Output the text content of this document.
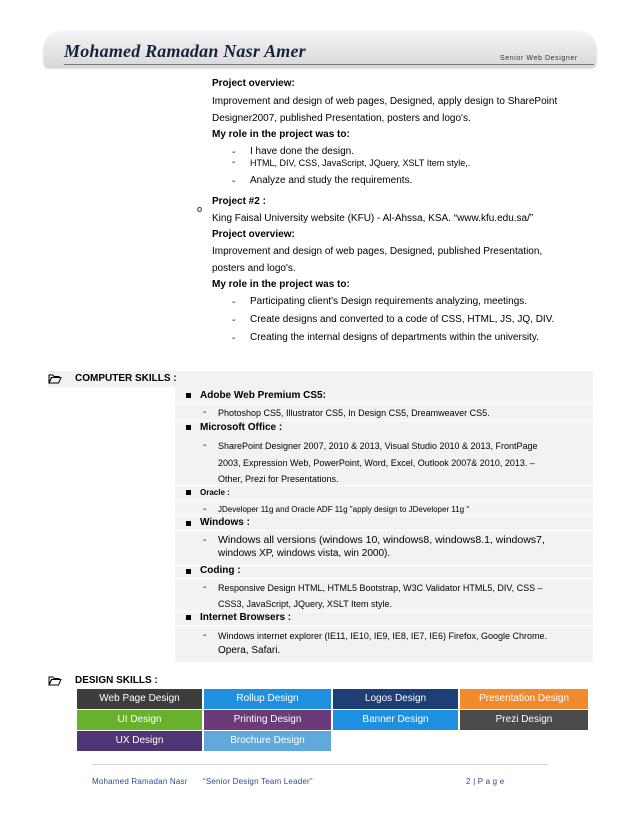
Mohamed Ramadan Nasr Amer	Senior Web Designer
Project overview:
Improvement and design of web pages, Designed, apply design to SharePoint
Designer2007, published Presentation, posters and logo's.
My role in the project was to:
- I have done the design.
- HTML, DIV, CSS, JavaScript, JQuery, XSLT Item style,.
- Analyze and study the requirements.
o
Project #2 :
King Faisal University website (KFU) - Al-Ahssa, KSA. “www.kfu.edu.sa/”
Project overview:
Improvement and design of web pages, Designed, published Presentation,
posters and logo's.
My role in the project was to:
- Participating client's Design requirements analyzing, meetings.
- Create designs and converted to a code of CSS, HTML, JS, JQ, DIV.
- Creating the internal designs of departments within the university.
COMPUTER SKILLS :
Adobe Web Premium CS5:
- Photoshop CS5, Illustrator CS5, In Design CS5, Dreamweaver CS5.
Microsoft Office :
- SharePoint Designer 2007, 2010 & 2013, Visual Studio 2010 & 2013, FrontPage
2003, Expression Web, PowerPoint, Word, Excel, Outlook 2007& 2010, 2013. –
Other, Prezi for Presentations.
Oracle :
- JDeveloper 11g and Oracle ADF 11g "apply design to JDeveloper 11g "
Windows :
- Windows all versions (windows 10, windows8, windows8.1, windows7,
windows XP, windows vista, win 2000).
Coding :
- Responsive Design HTML, HTML5 Bootstrap, W3C Validator HTML5, DIV, CSS –
CSS3, JavaScript, JQuery, XSLT Item style.
Internet Browsers :
- Windows internet explorer (IE11, IE10, IE9, IE8, IE7, IE6) Firefox, Google Chrome.
Opera, Safari.
DESIGN SKILLS :
Web Page Design	Rollup Design	Logos Design	Presentation Design
UI Design	Printing Design	Banner Design	Prezi Design
UX Design	Brochure Design
Mohamed Ramadan Nasr “Senior Design Team Leader”	2 | P a g e
